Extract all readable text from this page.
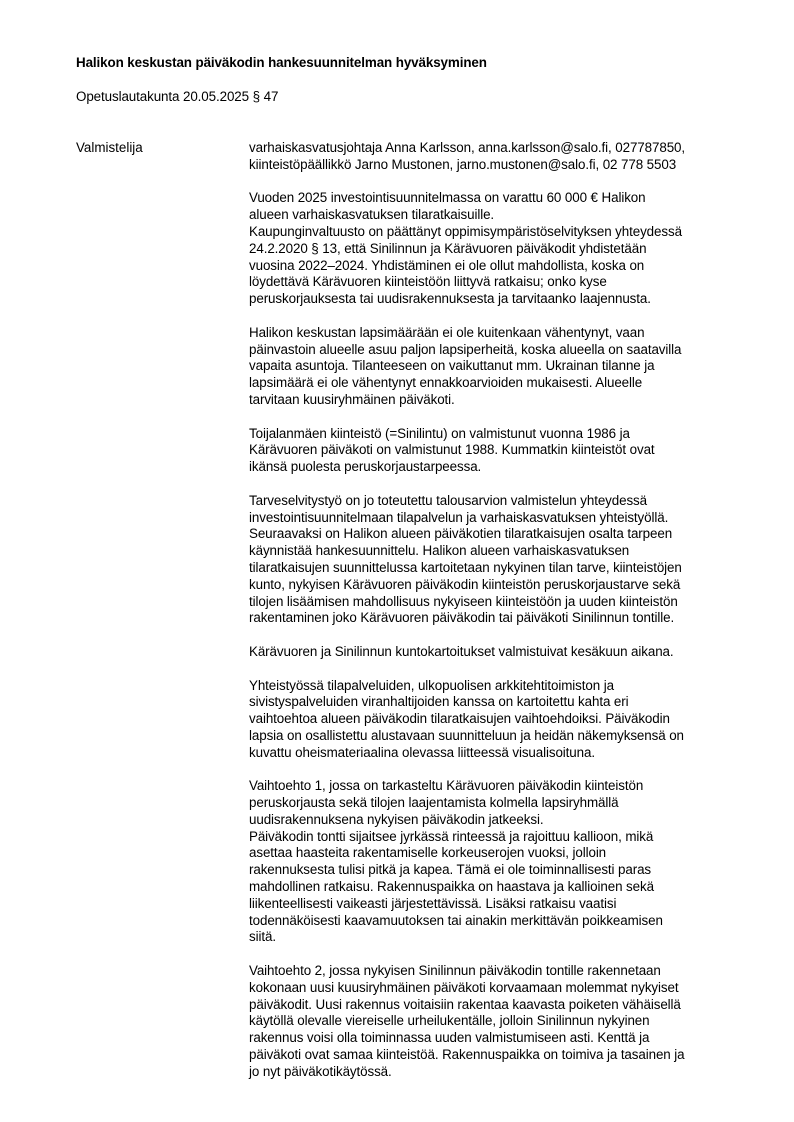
Halikon keskustan päiväkodin hankesuunnitelman hyväksyminen
Opetuslautakunta 20.05.2025 § 47
Valmistelija	varhaiskasvatusjohtaja Anna Karlsson, anna.karlsson@salo.fi, 027787850,
kiinteistöpäällikkö Jarno Mustonen, jarno.mustonen@salo.fi, 02 778 5503
Vuoden 2025 investointisuunnitelmassa on varattu 60 000 € Halikon
alueen varhaiskasvatuksen tilaratkaisuille.
Kaupunginvaltuusto on päättänyt oppimisympäristöselvityksen yhteydessä
24.2.2020 § 13, että Sinilinnun ja Kärävuoren päiväkodit yhdistetään
vuosina 2022–2024. Yhdistäminen ei ole ollut mahdollista, koska on
löydettävä Kärävuoren kiinteistöön liittyvä ratkaisu; onko kyse
peruskorjauksesta tai uudisrakennuksesta ja tarvitaanko laajennusta.
Halikon keskustan lapsimäärään ei ole kuitenkaan vähentynyt, vaan
päinvastoin alueelle asuu paljon lapsiperheitä, koska alueella on saatavilla
vapaita asuntoja. Tilanteeseen on vaikuttanut mm. Ukrainan tilanne ja
lapsimäärä ei ole vähentynyt ennakkoarvioiden mukaisesti. Alueelle
tarvitaan kuusiryhmäinen päiväkoti.
Toijalanmäen kiinteistö (=Sinilintu) on valmistunut vuonna 1986 ja
Kärävuoren päiväkoti on valmistunut 1988. Kummatkin kiinteistöt ovat
ikänsä puolesta peruskorjaustarpeessa.
Tarveselvitystyö on jo toteutettu talousarvion valmistelun yhteydessä
investointisuunnitelmaan tilapalvelun ja varhaiskasvatuksen yhteistyöllä.
Seuraavaksi on Halikon alueen päiväkotien tilaratkaisujen osalta tarpeen
käynnistää hankesuunnittelu. Halikon alueen varhaiskasvatuksen
tilaratkaisujen suunnittelussa kartoitetaan nykyinen tilan tarve, kiinteistöjen
kunto, nykyisen Kärävuoren päiväkodin kiinteistön peruskorjaustarve sekä
tilojen lisäämisen mahdollisuus nykyiseen kiinteistöön ja uuden kiinteistön
rakentaminen joko Kärävuoren päiväkodin tai päiväkoti Sinilinnun tontille.
Kärävuoren ja Sinilinnun kuntokartoitukset valmistuivat kesäkuun aikana.
Yhteistyössä tilapalveluiden, ulkopuolisen arkkitehtitoimiston ja
sivistyspalveluiden viranhaltijoiden kanssa on kartoitettu kahta eri
vaihtoehtoa alueen päiväkodin tilaratkaisujen vaihtoehdoiksi. Päiväkodin
lapsia on osallistettu alustavaan suunnitteluun ja heidän näkemyksensä on
kuvattu oheismateriaalina olevassa liitteessä visualisoituna.
Vaihtoehto 1, jossa on tarkasteltu Kärävuoren päiväkodin kiinteistön
peruskorjausta sekä tilojen laajentamista kolmella lapsiryhmällä
uudisrakennuksena nykyisen päiväkodin jatkeeksi.
Päiväkodin tontti sijaitsee jyrkässä rinteessä ja rajoittuu kallioon, mikä
asettaa haasteita rakentamiselle korkeuserojen vuoksi, jolloin
rakennuksesta tulisi pitkä ja kapea. Tämä ei ole toiminnallisesti paras
mahdollinen ratkaisu. Rakennuspaikka on haastava ja kallioinen sekä
liikenteellisesti vaikeasti järjestettävissä. Lisäksi ratkaisu vaatisi
todennäköisesti kaavamuutoksen tai ainakin merkittävän poikkeamisen
siitä.
Vaihtoehto 2, jossa nykyisen Sinilinnun päiväkodin tontille rakennetaan
kokonaan uusi kuusiryhmäinen päiväkoti korvaamaan molemmat nykyiset
päiväkodit. Uusi rakennus voitaisiin rakentaa kaavasta poiketen vähäisellä
käytöllä olevalle viereiselle urheilukentälle, jolloin Sinilinnun nykyinen
rakennus voisi olla toiminnassa uuden valmistumiseen asti. Kenttä ja
päiväkoti ovat samaa kiinteistöä. Rakennuspaikka on toimiva ja tasainen ja
jo nyt päiväkotikäytössä.
